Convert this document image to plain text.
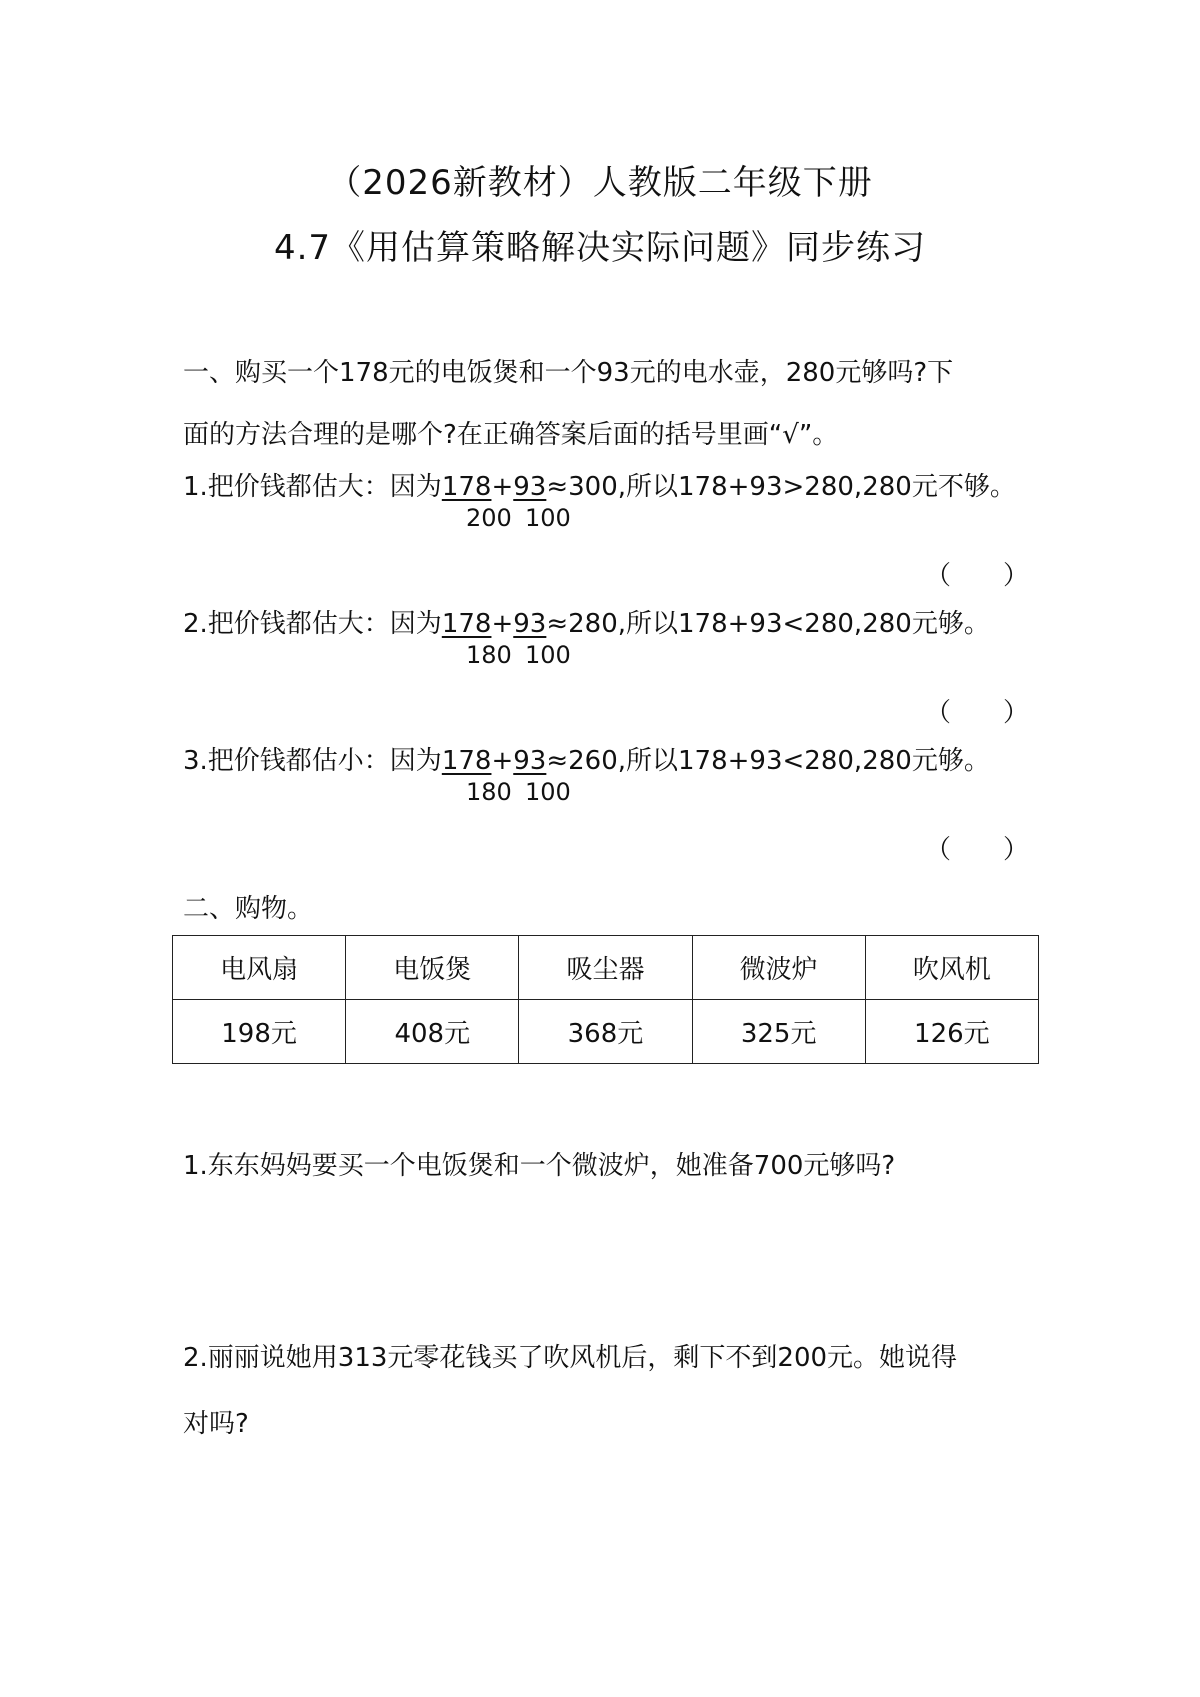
（2026新教材）人教版二年级下册
4.7《用估算策略解决实际问题》同步练习
一、购买一个178元的电饭煲和一个93元的电水壶，280元够吗?下
面的方法合理的是哪个?在正确答案后面的括号里画“√”。
1.把价钱都估大：因为178+93≈300,所以178+93>280,280元不够。
200 100
（　　）
2.把价钱都估大：因为178+93≈280,所以178+93<280,280元够。
180 100
（　　）
3.把价钱都估小：因为178+93≈260,所以178+93<280,280元够。
180 100
（　　）
二、购物。
电风扇	电饭煲	吸尘器	微波炉	吹风机
198元	408元	368元	325元	126元
1.东东妈妈要买一个电饭煲和一个微波炉，她准备700元够吗?
2.丽丽说她用313元零花钱买了吹风机后，剩下不到200元。她说得
对吗?
